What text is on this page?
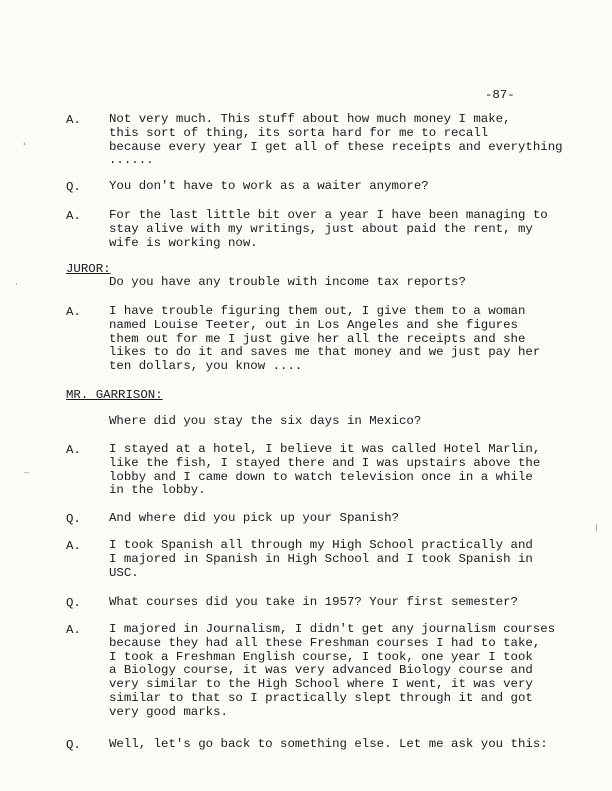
-87-
A. Not very much. This stuff about how much money I make,
this sort of thing, its sorta hard for me to recall
because every year I get all of these receipts and everything
......
Q. You don't have to work as a waiter anymore?
A. For the last little bit over a year I have been managing to
stay alive with my writings, just about paid the rent, my
wife is working now.
JUROR:
Do you have any trouble with income tax reports?
A. I have trouble figuring them out, I give them to a woman
named Louise Teeter, out in Los Angeles and she figures
them out for me I just give her all the receipts and she
likes to do it and saves me that money and we just pay her
ten dollars, you know ....
MR. GARRISON:
Where did you stay the six days in Mexico?
A. I stayed at a hotel, I believe it was called Hotel Marlin,
like the fish, I stayed there and I was upstairs above the
lobby and I came down to watch television once in a while
in the lobby.
Q. And where did you pick up your Spanish?
A. I took Spanish all through my High School practically and
I majored in Spanish in High School and I took Spanish in
USC.
Q. What courses did you take in 1957? Your first semester?
A. I majored in Journalism, I didn't get any journalism courses
because they had all these Freshman courses I had to take,
I took a Freshman English course, I took, one year I took
a Biology course, it was very advanced Biology course and
very similar to the High School where I went, it was very
similar to that so I practically slept through it and got
very good marks.
Q. Well, let's go back to something else. Let me ask you this:
›
·
—
|
